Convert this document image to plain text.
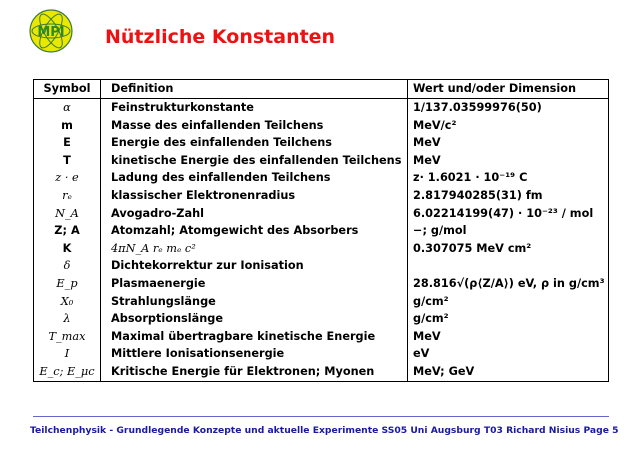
MPI Nützliche Konstanten
Symbol	Definition	Wert und/oder Dimension
α	Feinstrukturkonstante	1/137.03599976(50)
m	Masse des einfallenden Teilchens	MeV/c²
E	Energie des einfallenden Teilchens	MeV
T	kinetische Energie des einfallenden Teilchens	MeV
z · e	Ladung des einfallenden Teilchens	z· 1.6021 · 10⁻¹⁹ C
rₑ	klassischer Elektronenradius	2.817940285(31) fm
N_A	Avogadro-Zahl	6.02214199(47) · 10⁻²³ / mol
Z; A	Atomzahl; Atomgewicht des Absorbers	−; g/mol
K	4πN_A rₑ mₑ c²	0.307075 MeV cm²
δ	Dichtekorrektur zur Ionisation	
E_p	Plasmaenergie	28.816√(ρ⟨Z/A⟩) eV, ρ in g/cm³
X₀	Strahlungslänge	g/cm²
λ	Absorptionslänge	g/cm²
T_max	Maximal übertragbare kinetische Energie	MeV
I	Mittlere Ionisationsenergie	eV
E_c; E_μc	Kritische Energie für Elektronen; Myonen	MeV; GeV

Teilchenphysik - Grundlegende Konzepte und aktuelle Experimente SS05 Uni Augsburg T03 Richard Nisius Page 5
